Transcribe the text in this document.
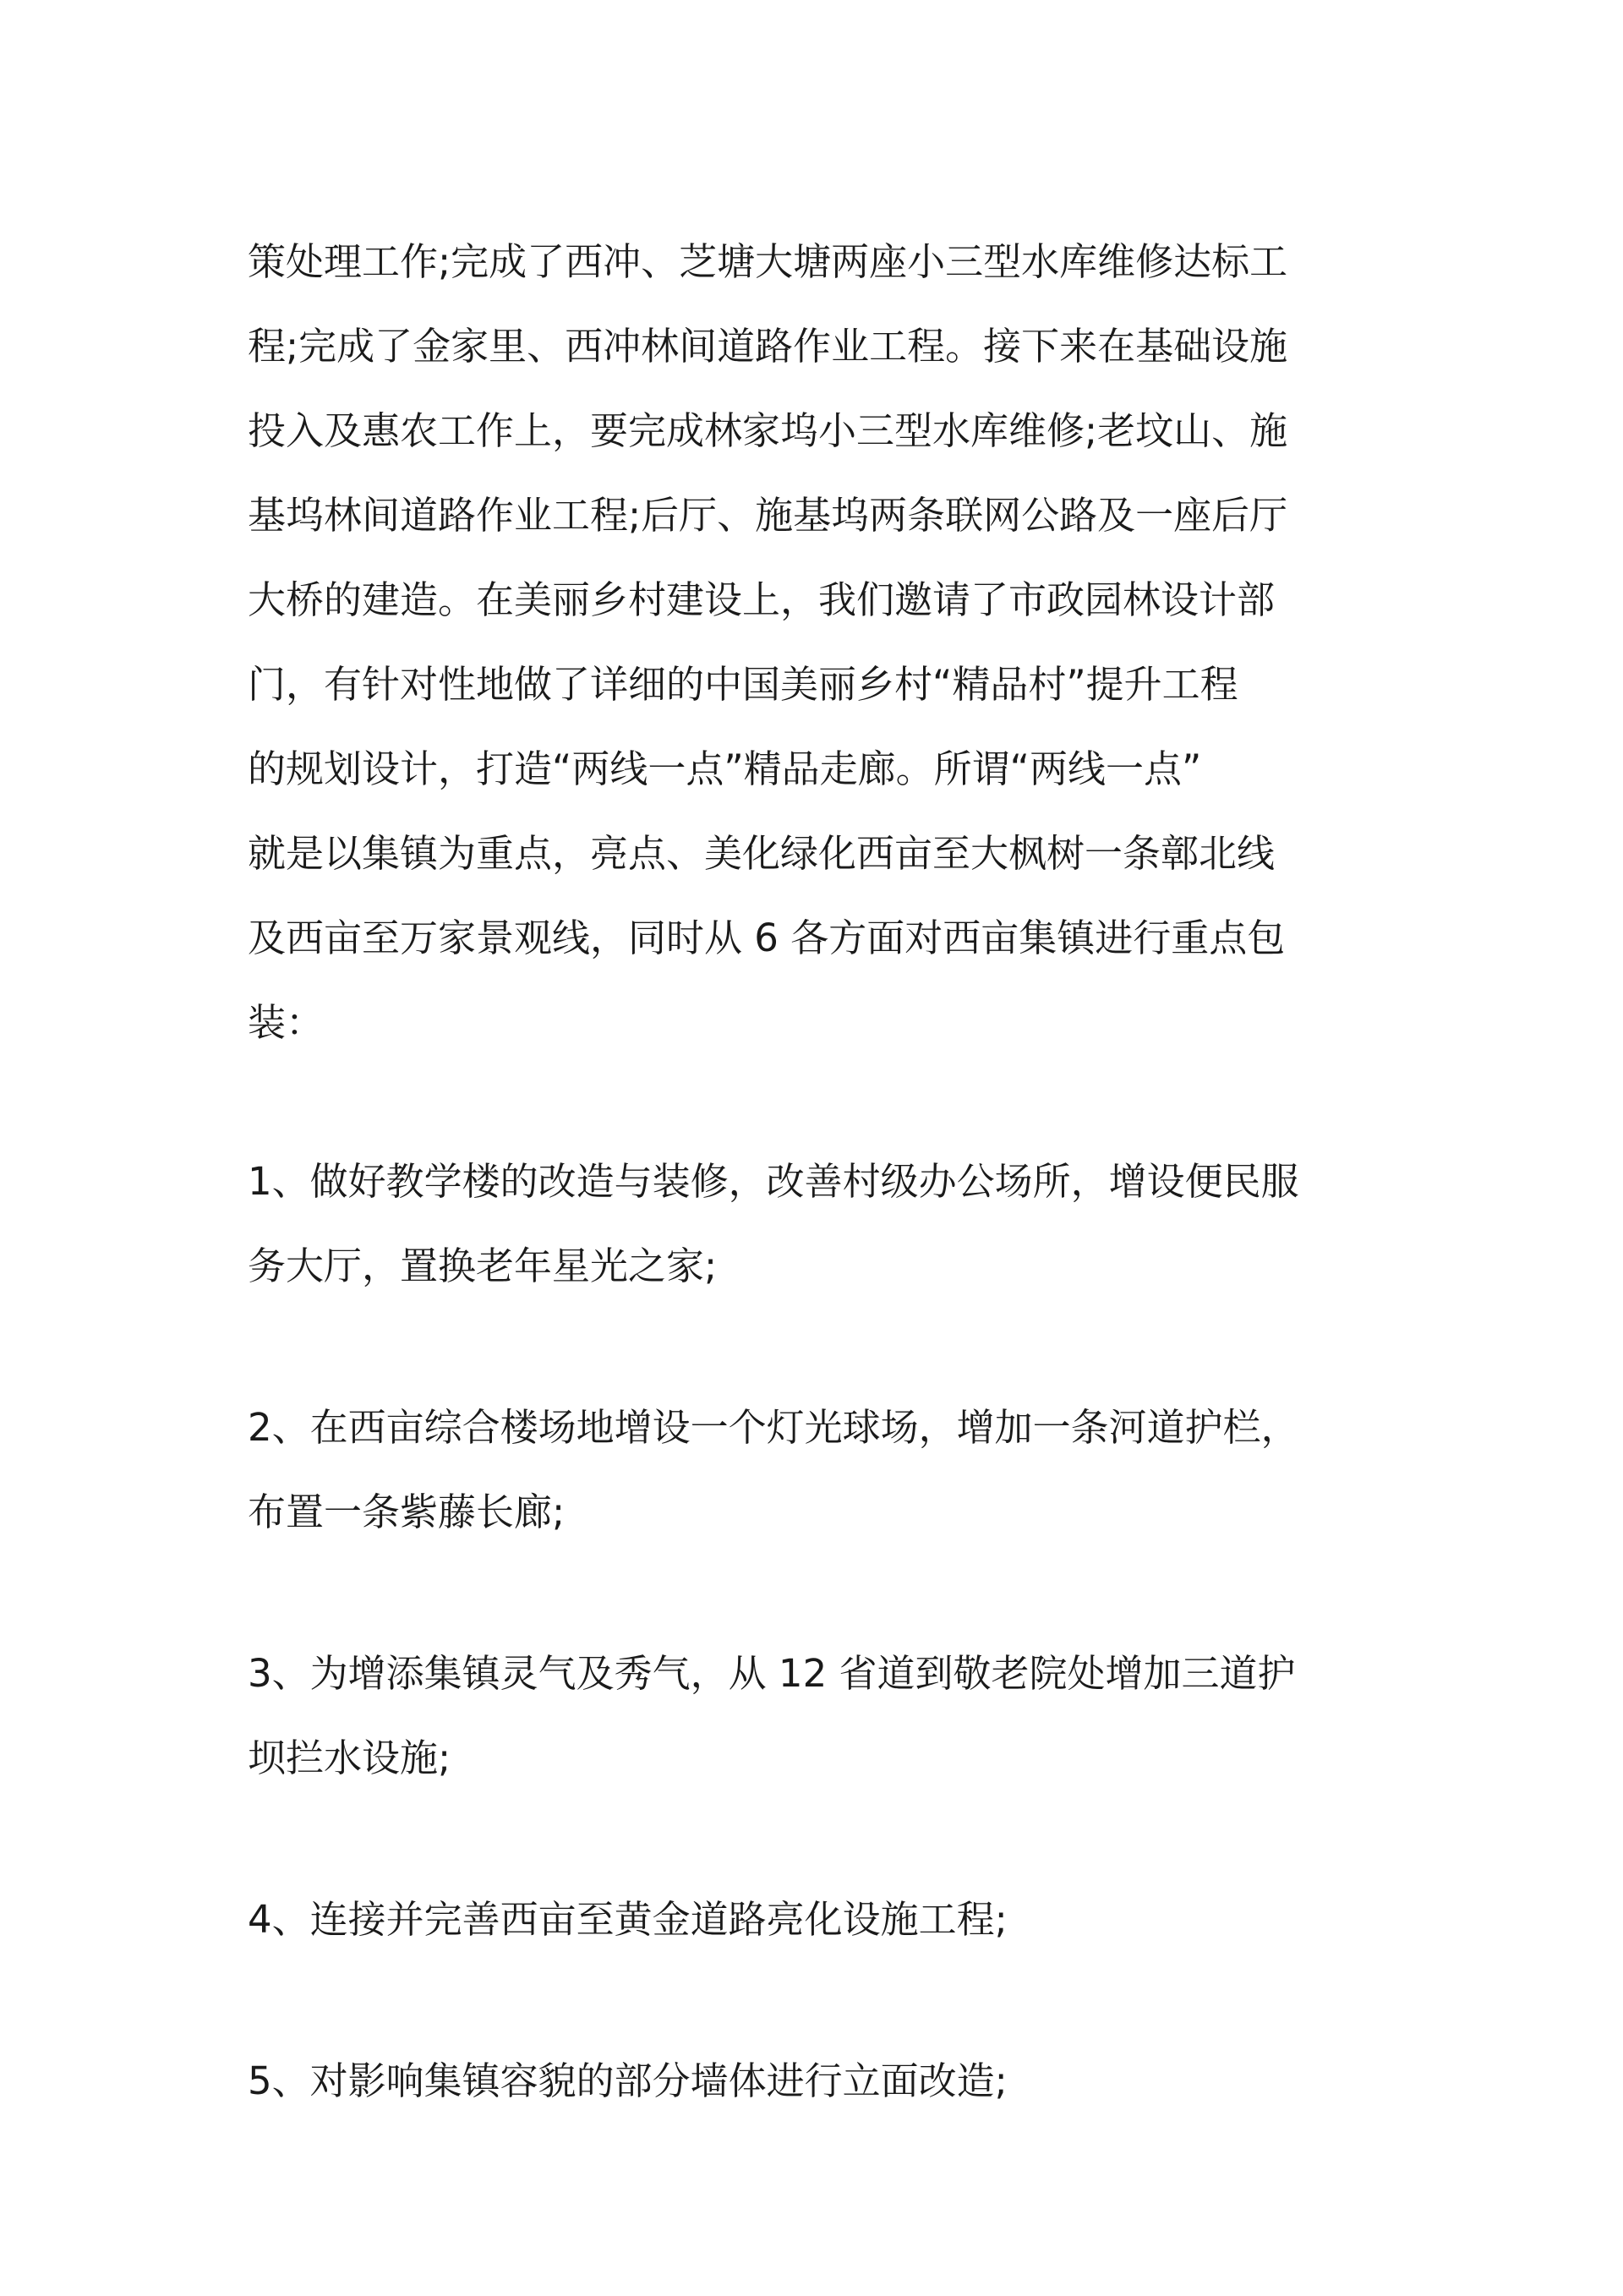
策处理工作;完成了西冲、芝塘大塘两座小三型水库维修达标工
程;完成了金家里、西冲林间道路作业工程。接下来在基础设施
投入及惠农工作上，要完成林家坞小三型水库维修;老坟山、施
基坞林间道路作业工程;后厅、施基坞两条联网公路及一座后厅
大桥的建造。在美丽乡村建设上，我们邀请了市政园林设计部
门，有针对性地做了详细的中国美丽乡村“精品村”提升工程
的规划设计，打造“两线一点”精品走廊。所谓“两线一点”
就是以集镇为重点，亮点、美化绿化西亩至大枫树一条鄣北线
及西亩至万家景观线，同时从 6 各方面对西亩集镇进行重点包
装：
1、做好教学楼的改造与装修，改善村级办公场所，增设便民服
务大厅，置换老年星光之家;
2、在西亩综合楼场地增设一个灯光球场，增加一条河道护栏，
布置一条紫藤长廊;
3、为增添集镇灵气及秀气，从 12 省道到敬老院处增加三道护
坝拦水设施;
4、连接并完善西亩至黄金道路亮化设施工程;
5、对影响集镇容貌的部分墙体进行立面改造;
